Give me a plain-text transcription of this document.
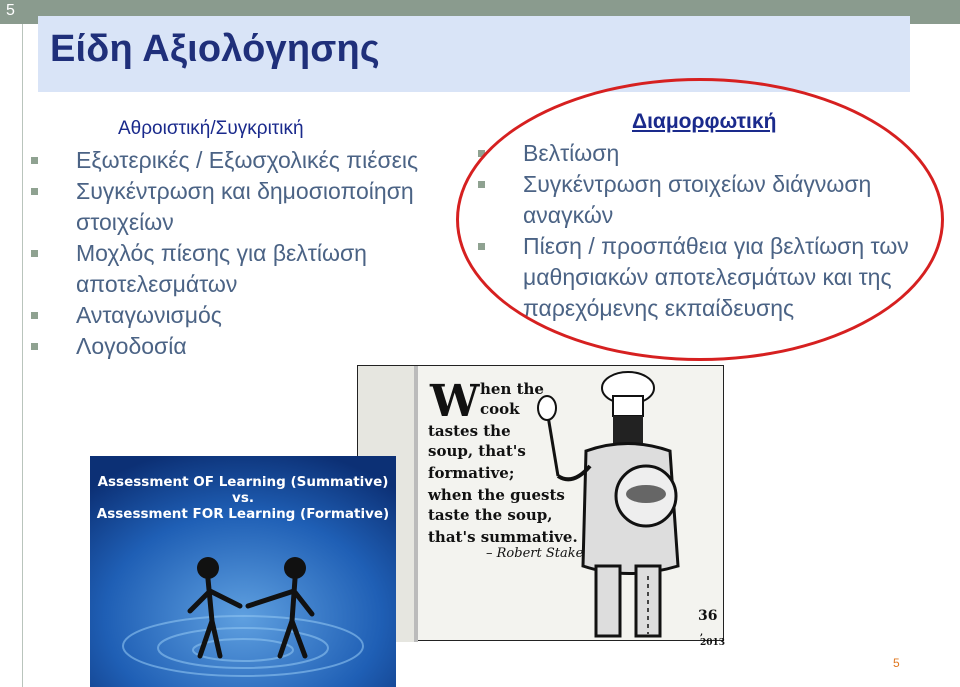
5
Είδη Αξιολόγησης
Αθροιστική/Συγκριτική
Εξωτερικές / Εξωσχολικές πιέσεις
Συγκέντρωση και δημοσιοποίηση στοιχείων
Μοχλός πίεσης για βελτίωση αποτελεσμάτων
Ανταγωνισμός
Λογοδοσία
Διαμορφωτική
Βελτίωση
Συγκέντρωση στοιχείων διάγνωση αναγκών
Πίεση / προσπάθεια για βελτίωση των μαθησιακών αποτελεσμάτων και της παρεχόμενης εκπαίδευσης
W hen the
cook
tastes the
soup, that's
formative;
when the guests
taste the soup,
that's summative.
– Robert Stake
36
, 2013
Assessment OF Learning (Summative)
vs.
Assessment FOR Learning (Formative)
5
